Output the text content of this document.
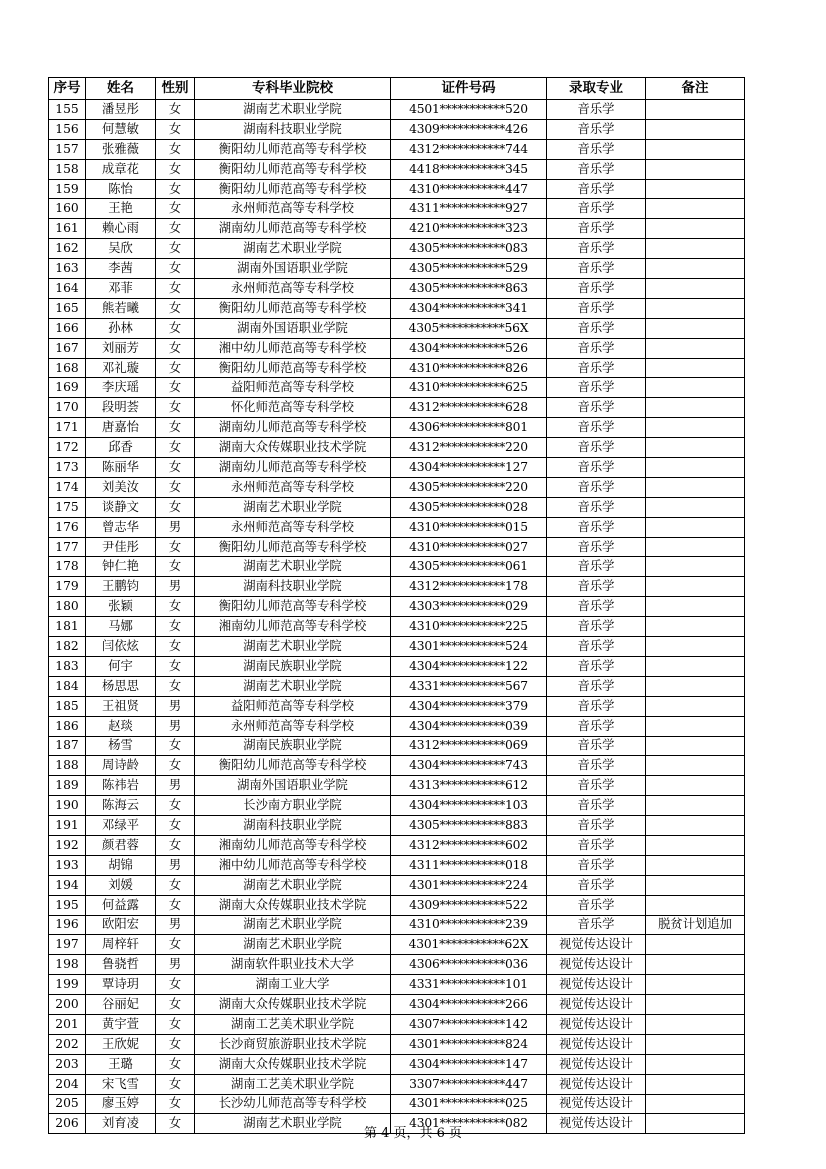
序号	姓名	性别	专科毕业院校	证件号码	录取专业	备注
155	潘昱彤	女	湖南艺术职业学院	4501***********520	音乐学	
156	何慧敏	女	湖南科技职业学院	4309***********426	音乐学	
157	张雅薇	女	衡阳幼儿师范高等专科学校	4312***********744	音乐学	
158	成章花	女	衡阳幼儿师范高等专科学校	4418***********345	音乐学	
159	陈怡	女	衡阳幼儿师范高等专科学校	4310***********447	音乐学	
160	王艳	女	永州师范高等专科学校	4311***********927	音乐学	
161	赖心雨	女	湖南幼儿师范高等专科学校	4210***********323	音乐学	
162	吴欣	女	湖南艺术职业学院	4305***********083	音乐学	
163	李茜	女	湖南外国语职业学院	4305***********529	音乐学	
164	邓菲	女	永州师范高等专科学校	4305***********863	音乐学	
165	熊若曦	女	衡阳幼儿师范高等专科学校	4304***********341	音乐学	
166	孙林	女	湖南外国语职业学院	4305***********56X	音乐学	
167	刘丽芳	女	湘中幼儿师范高等专科学校	4304***********526	音乐学	
168	邓礼璇	女	衡阳幼儿师范高等专科学校	4310***********826	音乐学	
169	李庆瑶	女	益阳师范高等专科学校	4310***********625	音乐学	
170	段明荟	女	怀化师范高等专科学校	4312***********628	音乐学	
171	唐嘉怡	女	湖南幼儿师范高等专科学校	4306***********801	音乐学	
172	邱香	女	湖南大众传媒职业技术学院	4312***********220	音乐学	
173	陈丽华	女	湖南幼儿师范高等专科学校	4304***********127	音乐学	
174	刘美汝	女	永州师范高等专科学校	4305***********220	音乐学	
175	谈静文	女	湖南艺术职业学院	4305***********028	音乐学	
176	曾志华	男	永州师范高等专科学校	4310***********015	音乐学	
177	尹佳彤	女	衡阳幼儿师范高等专科学校	4310***********027	音乐学	
178	钟仁艳	女	湖南艺术职业学院	4305***********061	音乐学	
179	王鹏钧	男	湖南科技职业学院	4312***********178	音乐学	
180	张颖	女	衡阳幼儿师范高等专科学校	4303***********029	音乐学	
181	马娜	女	湘南幼儿师范高等专科学校	4310***********225	音乐学	
182	闫依炫	女	湖南艺术职业学院	4301***********524	音乐学	
183	何宇	女	湖南民族职业学院	4304***********122	音乐学	
184	杨思思	女	湖南艺术职业学院	4331***********567	音乐学	
185	王祖贤	男	益阳师范高等专科学校	4304***********379	音乐学	
186	赵琰	男	永州师范高等专科学校	4304***********039	音乐学	
187	杨雪	女	湖南民族职业学院	4312***********069	音乐学	
188	周诗龄	女	衡阳幼儿师范高等专科学校	4304***********743	音乐学	
189	陈祎岩	男	湖南外国语职业学院	4313***********612	音乐学	
190	陈海云	女	长沙南方职业学院	4304***********103	音乐学	
191	邓绿平	女	湖南科技职业学院	4305***********883	音乐学	
192	颜君蓉	女	湘南幼儿师范高等专科学校	4312***********602	音乐学	
193	胡锦	男	湘中幼儿师范高等专科学校	4311***********018	音乐学	
194	刘媛	女	湖南艺术职业学院	4301***********224	音乐学	
195	何益露	女	湖南大众传媒职业技术学院	4309***********522	音乐学	
196	欧阳宏	男	湖南艺术职业学院	4310***********239	音乐学	脱贫计划追加
197	周梓轩	女	湖南艺术职业学院	4301***********62X	视觉传达设计	
198	鲁骁哲	男	湖南软件职业技术大学	4306***********036	视觉传达设计	
199	覃诗玥	女	湖南工业大学	4331***********101	视觉传达设计	
200	谷丽妃	女	湖南大众传媒职业技术学院	4304***********266	视觉传达设计	
201	黄宇萱	女	湖南工艺美术职业学院	4307***********142	视觉传达设计	
202	王欣妮	女	长沙商贸旅游职业技术学院	4301***********824	视觉传达设计	
203	王璐	女	湖南大众传媒职业技术学院	4304***********147	视觉传达设计	
204	宋飞雪	女	湖南工艺美术职业学院	3307***********447	视觉传达设计	
205	廖玉婷	女	长沙幼儿师范高等专科学校	4301***********025	视觉传达设计	
206	刘育凌	女	湖南艺术职业学院	4301***********082	视觉传达设计	
第 4 页，共 6 页
